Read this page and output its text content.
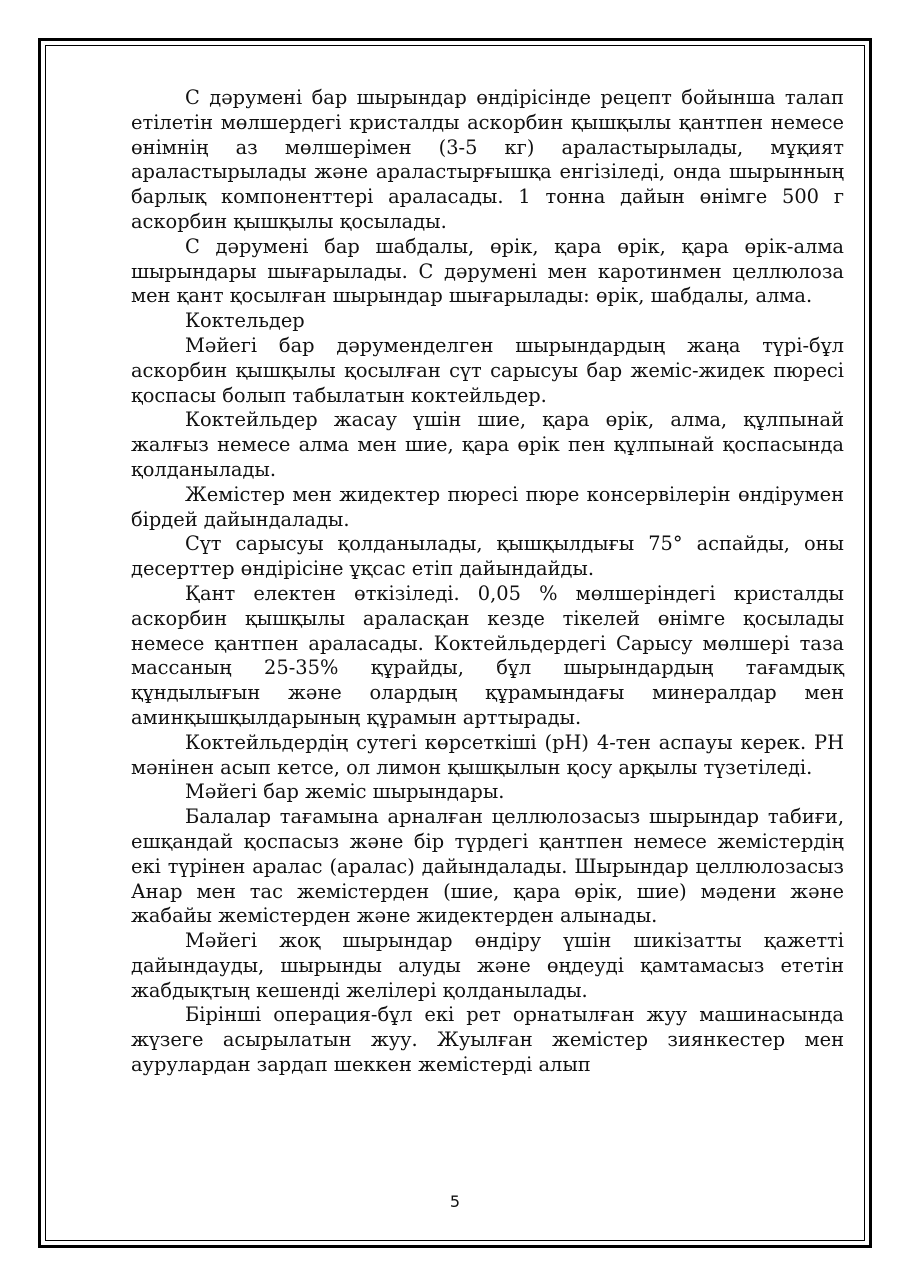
С дәрумені бар шырындар өндірісінде рецепт бойынша талап етілетін мөлшердегі кристалды аскорбин қышқылы қантпен немесе өнімнің аз мөлшерімен (3-5 кг) араластырылады, мұқият араластырылады және араластырғышқа енгізіледі, онда шырынның барлық компоненттері араласады. 1 тонна дайын өнімге 500 г аскорбин қышқылы қосылады.

С дәрумені бар шабдалы, өрік, қара өрік, қара өрік-алма шырындары шығарылады. С дәрумені мен каротинмен целлюлоза мен қант қосылған шырындар шығарылады: өрік, шабдалы, алма.

Коктельдер

Мәйегі бар дәруменделген шырындардың жаңа түрі-бұл аскорбин қышқылы қосылған сүт сарысуы бар жеміс-жидек пюресі қоспасы болып табылатын коктейльдер.

Коктейльдер жасау үшін шие, қара өрік, алма, құлпынай жалғыз немесе алма мен шие, қара өрік пен құлпынай қоспасында қолданылады.

Жемістер мен жидектер пюресі пюре консервілерін өндірумен бірдей дайындалады.

Сүт сарысуы қолданылады, қышқылдығы 75° аспайды, оны десерттер өндірісіне ұқсас етіп дайындайды.

Қант електен өткізіледі. 0,05 % мөлшеріндегі кристалды аскорбин қышқылы араласқан кезде тікелей өнімге қосылады немесе қантпен араласады. Коктейльдердегі Сарысу мөлшері таза массаның 25-35% құрайды, бұл шырындардың тағамдық құндылығын және олардың құрамындағы минералдар мен аминқышқылдарының құрамын арттырады.

Коктейльдердің сутегі көрсеткіші (рН) 4-тен аспауы керек. РН мәнінен асып кетсе, ол лимон қышқылын қосу арқылы түзетіледі.

Мәйегі бар жеміс шырындары.

Балалар тағамына арналған целлюлозасыз шырындар табиғи, ешқандай қоспасыз және бір түрдегі қантпен немесе жемістердің екі түрінен аралас (аралас) дайындалады. Шырындар целлюлозасыз Анар мен тас жемістерден (шие, қара өрік, шие) мәдени және жабайы жемістерден және жидектерден алынады.

Мәйегі жоқ шырындар өндіру үшін шикізатты қажетті дайындауды, шырынды алуды және өңдеуді қамтамасыз ететін жабдықтың кешенді желілері қолданылады.

Бірінші операция-бұл екі рет орнатылған жуу машинасында жүзеге асырылатын жуу. Жуылған жемістер зиянкестер мен аурулардан зардап шеккен жемістерді алып

5
